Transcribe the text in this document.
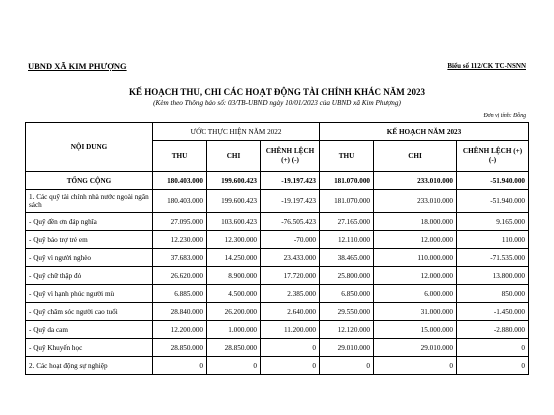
UBND XÃ KIM PHƯỢNG	Biểu số 112/CK TC-NSNN
KẾ HOẠCH THU, CHI CÁC HOẠT ĐỘNG TÀI CHÍNH KHÁC NĂM 2023
(Kèm theo Thông báo số: 03/TB-UBND ngày 10/01/2023 của UBND xã Kim Phượng)
Đơn vị tính: Đồng
NỘI DUNG	ƯỚC THỰC HIỆN NĂM 2022			KẾ HOẠCH NĂM 2023		
	THU	CHI	CHÊNH LỆCH (+) (-)	THU	CHI	CHÊNH LỆCH (+) (-)
TỔNG CỘNG	180.403.000	199.600.423	-19.197.423	181.070.000	233.010.000	-51.940.000
1. Các quỹ tài chính nhà nước ngoài ngân sách	180.403.000	199.600.423	-19.197.423	181.070.000	233.010.000	-51.940.000
- Quỹ đền ơn đáp nghĩa	27.095.000	103.600.423	-76.505.423	27.165.000	18.000.000	9.165.000
- Quỹ bảo trợ trẻ em	12.230.000	12.300.000	-70.000	12.110.000	12.000.000	110.000
- Quỹ vì người nghèo	37.683.000	14.250.000	23.433.000	38.465.000	110.000.000	-71.535.000
- Quỹ chữ thập đỏ	26.620.000	8.900.000	17.720.000	25.800.000	12.000.000	13.800.000
- Quỹ vì hạnh phúc người mù	6.885.000	4.500.000	2.385.000	6.850.000	6.000.000	850.000
- Quỹ chăm sóc người cao tuổi	28.840.000	26.200.000	2.640.000	29.550.000	31.000.000	-1.450.000
- Quỹ da cam	12.200.000	1.000.000	11.200.000	12.120.000	15.000.000	-2.880.000
- Quỹ Khuyến học	28.850.000	28.850.000	0	29.010.000	29.010.000	0
2. Các hoạt động sự nghiệp	0	0	0	0	0	0
